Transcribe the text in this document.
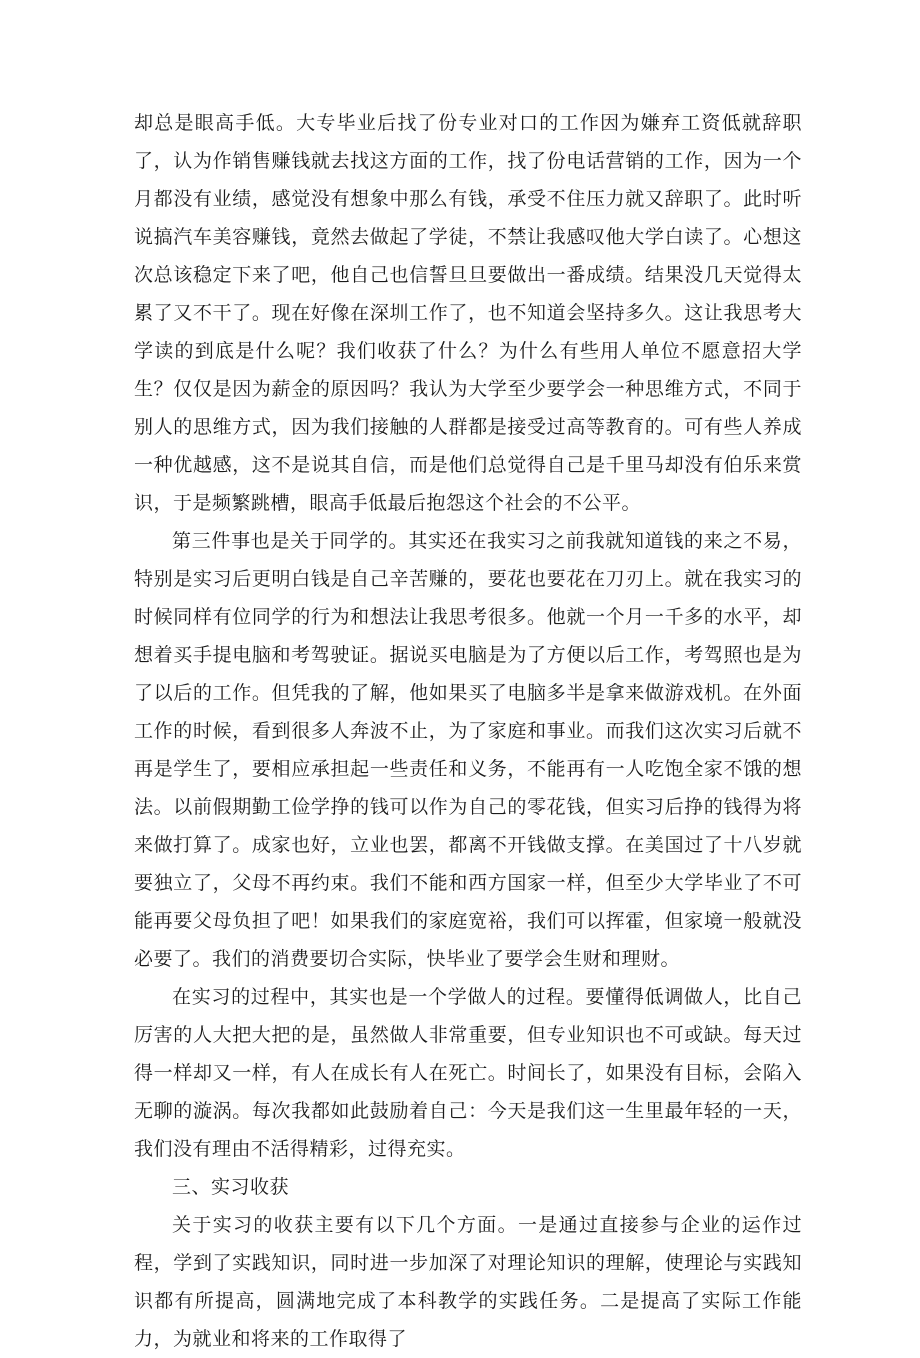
却总是眼高手低。大专毕业后找了份专业对口的工作因为嫌弃工资低就辞职了，认为作销售赚钱就去找这方面的工作，找了份电话营销的工作，因为一个月都没有业绩，感觉没有想象中那么有钱，承受不住压力就又辞职了。此时听说搞汽车美容赚钱，竟然去做起了学徒，不禁让我感叹他大学白读了。心想这次总该稳定下来了吧，他自己也信誓旦旦要做出一番成绩。结果没几天觉得太累了又不干了。现在好像在深圳工作了，也不知道会坚持多久。这让我思考大学读的到底是什么呢？我们收获了什么？为什么有些用人单位不愿意招大学生？仅仅是因为薪金的原因吗？我认为大学至少要学会一种思维方式，不同于别人的思维方式，因为我们接触的人群都是接受过高等教育的。可有些人养成一种优越感，这不是说其自信，而是他们总觉得自己是千里马却没有伯乐来赏识，于是频繁跳槽，眼高手低最后抱怨这个社会的不公平。

第三件事也是关于同学的。其实还在我实习之前我就知道钱的来之不易，特别是实习后更明白钱是自己辛苦赚的，要花也要花在刀刃上。就在我实习的时候同样有位同学的行为和想法让我思考很多。他就一个月一千多的水平，却想着买手提电脑和考驾驶证。据说买电脑是为了方便以后工作，考驾照也是为了以后的工作。但凭我的了解，他如果买了电脑多半是拿来做游戏机。在外面工作的时候，看到很多人奔波不止，为了家庭和事业。而我们这次实习后就不再是学生了，要相应承担起一些责任和义务，不能再有一人吃饱全家不饿的想法。以前假期勤工俭学挣的钱可以作为自己的零花钱，但实习后挣的钱得为将来做打算了。成家也好，立业也罢，都离不开钱做支撑。在美国过了十八岁就要独立了，父母不再约束。我们不能和西方国家一样，但至少大学毕业了不可能再要父母负担了吧！如果我们的家庭宽裕，我们可以挥霍，但家境一般就没必要了。我们的消费要切合实际，快毕业了要学会生财和理财。

在实习的过程中，其实也是一个学做人的过程。要懂得低调做人，比自己厉害的人大把大把的是，虽然做人非常重要，但专业知识也不可或缺。每天过得一样却又一样，有人在成长有人在死亡。时间长了，如果没有目标，会陷入无聊的漩涡。每次我都如此鼓励着自己：今天是我们这一生里最年轻的一天，我们没有理由不活得精彩，过得充实。

三、实习收获

关于实习的收获主要有以下几个方面。一是通过直接参与企业的运作过程，学到了实践知识，同时进一步加深了对理论知识的理解，使理论与实践知识都有所提高，圆满地完成了本科教学的实践任务。二是提高了实际工作能力，为就业和将来的工作取得了
